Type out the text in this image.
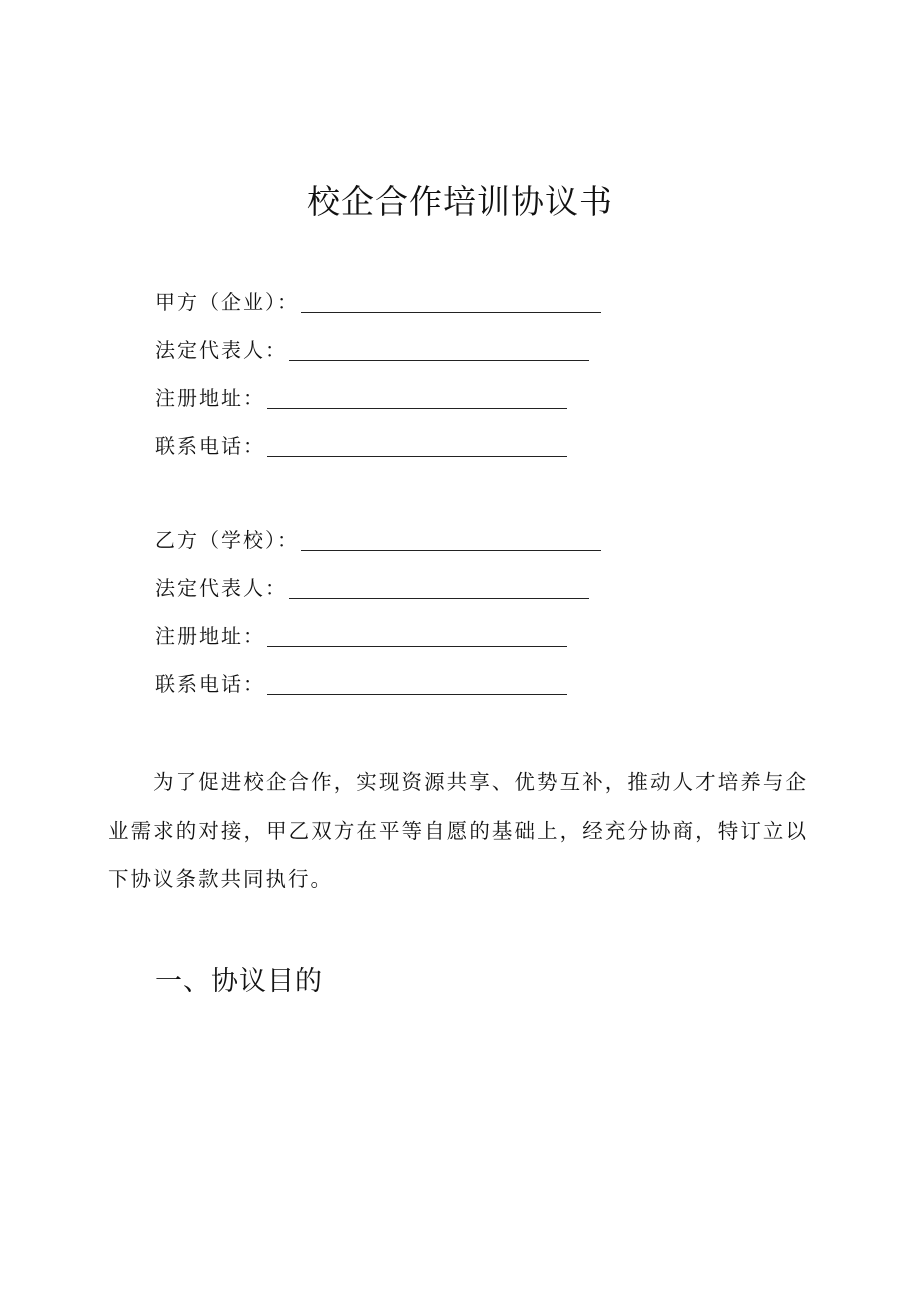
校企合作培训协议书
甲方（企业）：
法定代表人：
注册地址：
联系电话：
乙方（学校）：
法定代表人：
注册地址：
联系电话：

为了促进校企合作，实现资源共享、优势互补，推动人才培养与企业需求的对接，甲乙双方在平等自愿的基础上，经充分协商，特订立以下协议条款共同执行。

一、协议目的
